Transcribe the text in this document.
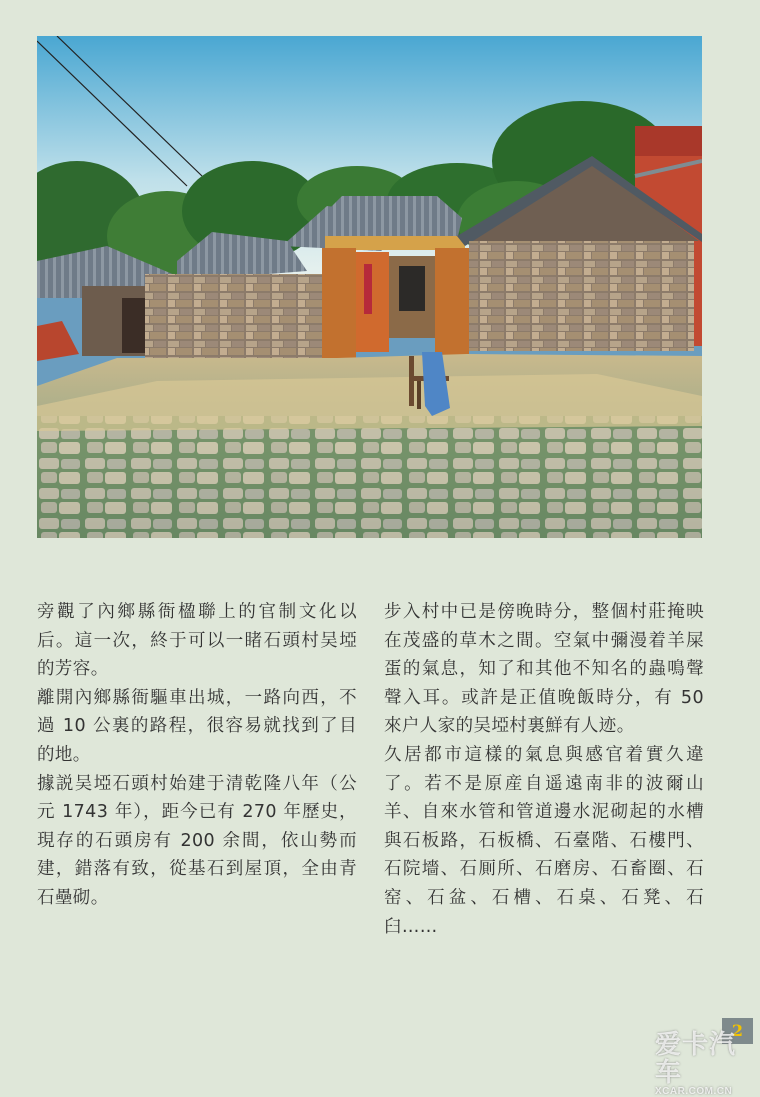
旁觀了內鄉縣衙楹聯上的官制文化以后。這一次，終于可以一睹石頭村吴埡的芳容。

離開內鄉縣衙驅車出城，一路向西，不過 10 公裏的路程，很容易就找到了目的地。

據説吴埡石頭村始建于清乾隆八年（公元 1743 年），距今已有 270 年歷史，現存的石頭房有 200 余間，依山勢而建，錯落有致，從基石到屋頂，全由青石壘砌。

步入村中已是傍晚時分，整個村莊掩映在茂盛的草木之間。空氣中彌漫着羊屎蛋的氣息，知了和其他不知名的蟲鳴聲聲入耳。或許是正值晚飯時分，有 50 來户人家的吴埡村裏鮮有人迹。

久居都市這樣的氣息與感官着實久違了。若不是原産自遥遠南非的波爾山羊、自來水管和管道邊水泥砌起的水槽與石板路，石板橋、石臺階、石樓門、石院墻、石厠所、石磨房、石畜圈、石窑、石盆、石槽、石桌、石凳、石臼……

2
爱卡汽车
XCAR.COM.CN
